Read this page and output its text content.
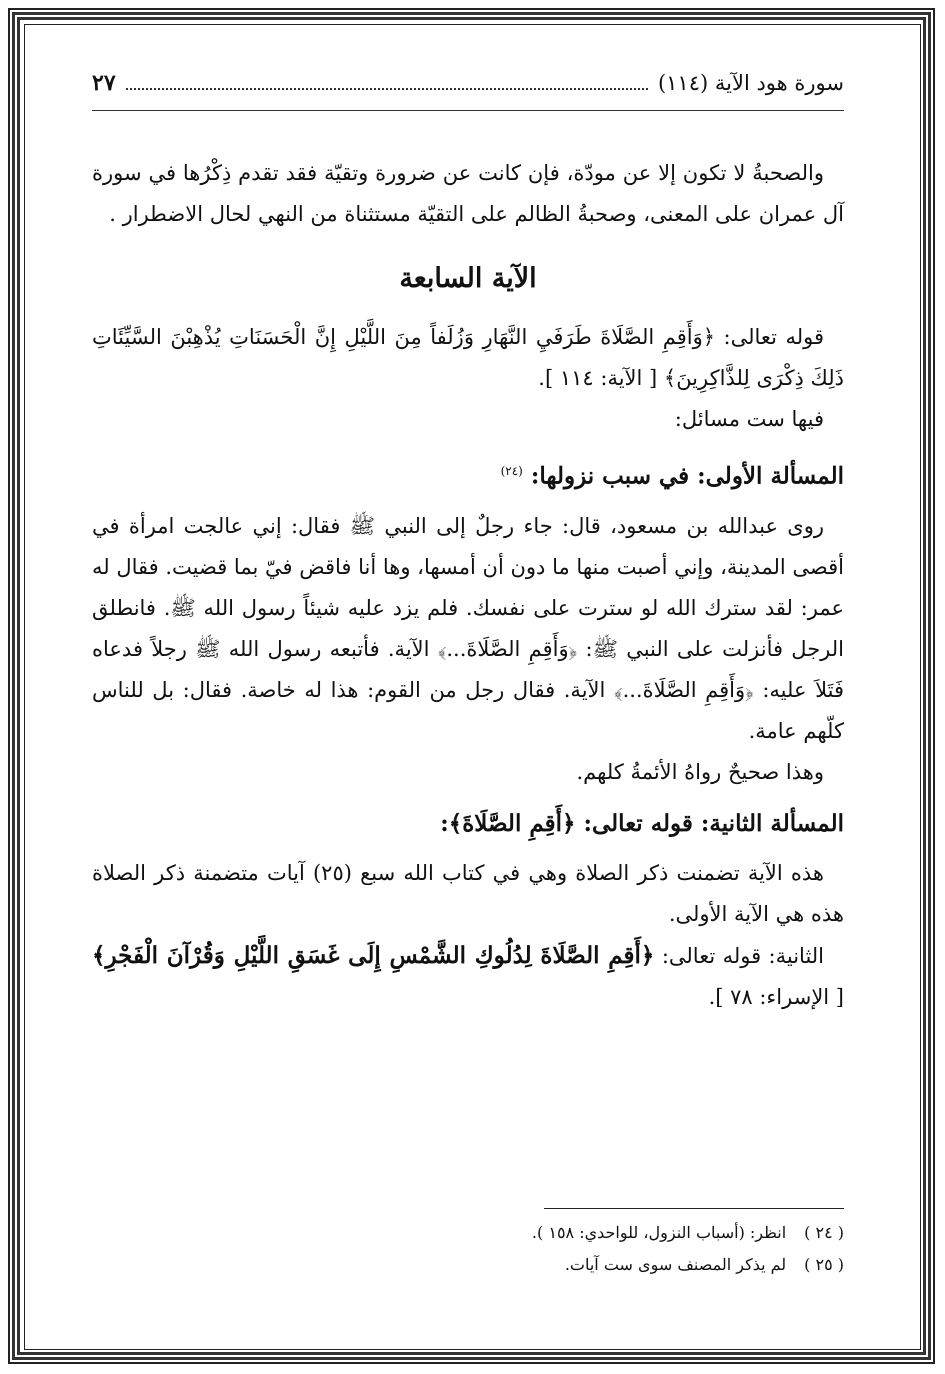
سورة هود الآية (١١٤)
٢٧

والصحبةُ لا تكون إلا عن مودّة، فإن كانت عن ضرورة وتقيّة فقد تقدم ذِكْرُها في سورة آل عمران على المعنى، وصحبةُ الظالم على التقيّة مستثناة من النهي لحال الاضطرار .

الآية السابعة

قوله تعالى: ﴿وَأَقِمِ الصَّلَاةَ طَرَفَيِ النَّهَارِ وَزُلَفاً مِنَ اللَّيْلِ إِنَّ الْحَسَنَاتِ يُذْهِبْنَ السَّيِّئَاتِ ذَلِكَ ذِكْرَى لِلذَّاكِرِينَ﴾ [ الآية: ١١٤ ].

فيها ست مسائل:

المسألة الأولى: في سبب نزولها: $^{(٢٤)}$

روى عبدالله بن مسعود، قال: جاء رجلٌ إلى النبي ﷺ فقال: إني عالجت امرأة في أقصى المدينة، وإني أصبت منها ما دون أن أمسها، وها أنا فاقض فيّ بما قضيت. فقال له عمر: لقد سترك الله لو سترت على نفسك. فلم يزد عليه شيئاً رسول الله ﷺ. فانطلق الرجل فأنزلت على النبي ﷺ: ﴿وَأَقِمِ الصَّلَاةَ...﴾ الآية. فأتبعه رسول الله ﷺ رجلاً فدعاه فَتَلاَ عليه: ﴿وَأَقِمِ الصَّلَاةَ...﴾ الآية. فقال رجل من القوم: هذا له خاصة. فقال: بل للناس كلّهم عامة.

وهذا صحيحٌ رواهُ الأئمةُ كلهم.

المسألة الثانية: قوله تعالى: ﴿أَقِمِ الصَّلَاةَ﴾:

هذه الآية تضمنت ذكر الصلاة وهي في كتاب الله سبع (٢٥) آيات متضمنة ذكر الصلاة هذه هي الآية الأولى.

الثانية: قوله تعالى: ﴿أَقِمِ الصَّلَاةَ لِدُلُوكِ الشَّمْسِ إِلَى غَسَقِ اللَّيْلِ وَقُرْآنَ الْفَجْرِ﴾ [ الإسراء: ٧٨ ].

( ٢٤ )
انظر: (أسباب النزول، للواحدي: ١٥٨ ).
( ٢٥ )
لم يذكر المصنف سوى ست آيات.
